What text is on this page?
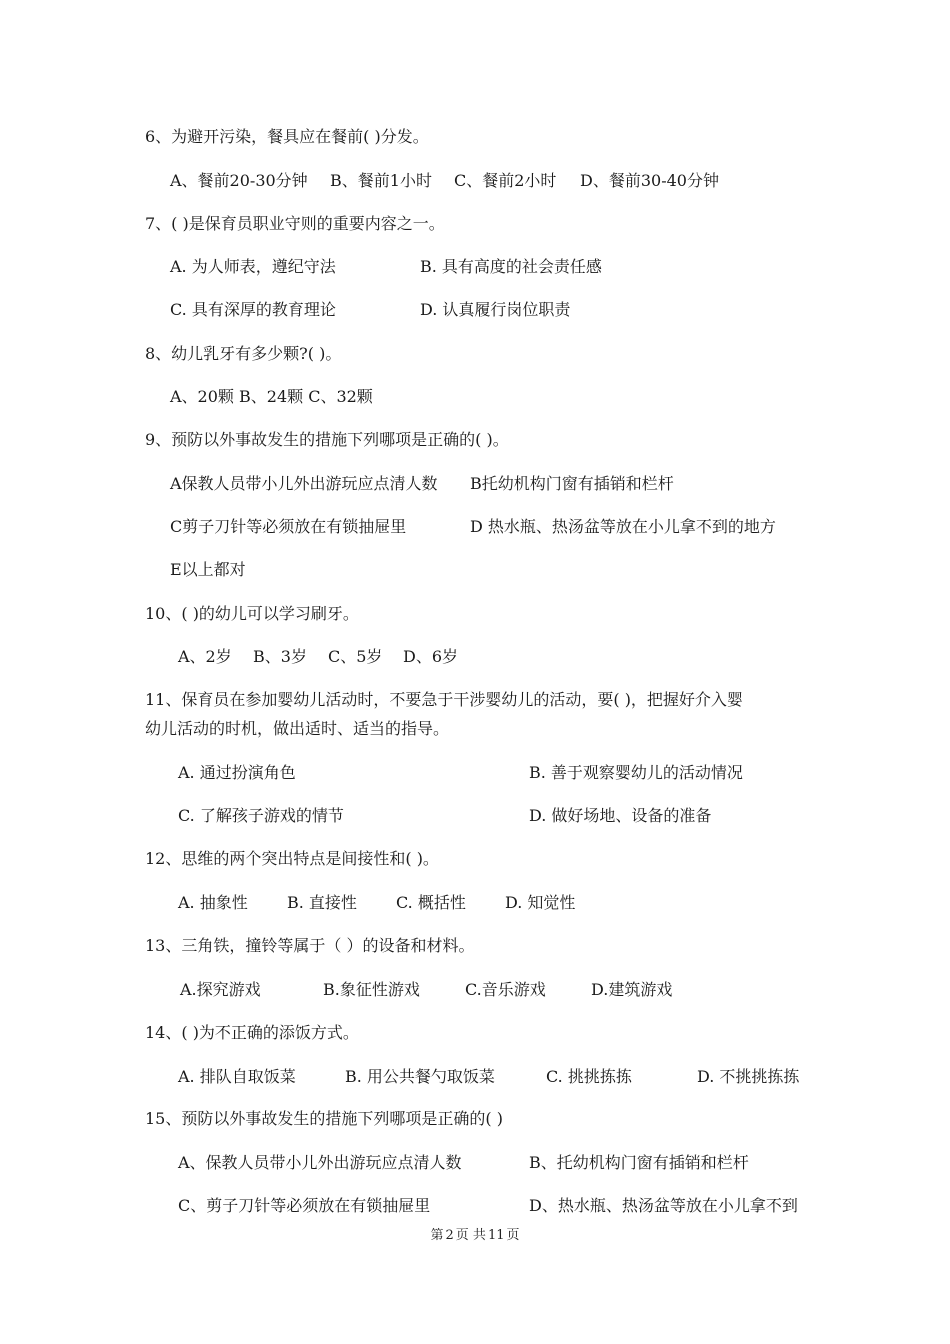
6、为避开污染，餐具应在餐前( )分发。
A、餐前20-30分钟 B、餐前1小时 C、餐前2小时 D、餐前30-40分钟
7、( )是保育员职业守则的重要内容之一。
A. 为人师表，遵纪守法	B. 具有高度的社会责任感
C. 具有深厚的教育理论	D. 认真履行岗位职责
8、幼儿乳牙有多少颗?( )。
A、20颗 B、24颗 C、32颗
9、预防以外事故发生的措施下列哪项是正确的( )。
A保教人员带小儿外出游玩应点清人数 B托幼机构门窗有插销和栏杆
C剪子刀针等必须放在有锁抽屉里	D 热水瓶、热汤盆等放在小儿拿不到的地方
E以上都对
10、( )的幼儿可以学习刷牙。
A、2岁 B、3岁 C、5岁 D、6岁
11、保育员在参加婴幼儿活动时，不要急于干涉婴幼儿的活动，要( )，把握好介入婴
幼儿活动的时机，做出适时、适当的指导。
A. 通过扮演角色	B. 善于观察婴幼儿的活动情况
C. 了解孩子游戏的情节	D. 做好场地、设备的准备
12、思维的两个突出特点是间接性和( )。
A. 抽象性 B. 直接性 C. 概括性 D. 知觉性
13、三角铁，撞铃等属于（ ）的设备和材料。
A.探究游戏	B.象征性游戏	C.音乐游戏	D.建筑游戏
14、( )为不正确的添饭方式。
A. 排队自取饭菜	B. 用公共餐勺取饭菜	C. 挑挑拣拣	D. 不挑挑拣拣
15、预防以外事故发生的措施下列哪项是正确的( )
A、保教人员带小儿外出游玩应点清人数	B、托幼机构门窗有插销和栏杆
C、剪子刀针等必须放在有锁抽屉里	D、热水瓶、热汤盆等放在小儿拿不到
第 2 页 共 11 页
